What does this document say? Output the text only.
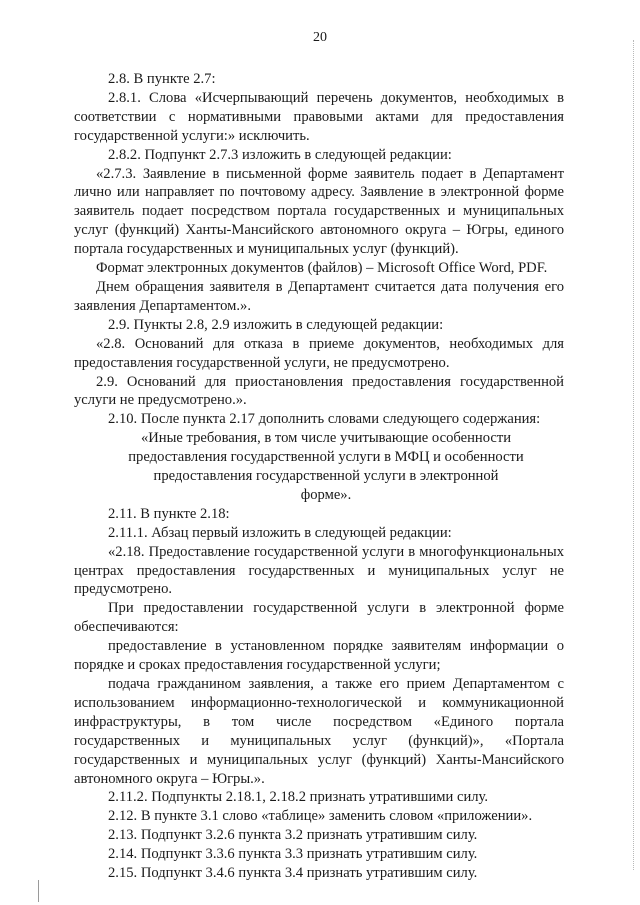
20

2.8. В пункте 2.7:

2.8.1. Слова «Исчерпывающий перечень документов, необходимых в соответствии с нормативными правовыми актами для предоставления государственной услуги:» исключить.

2.8.2. Подпункт 2.7.3 изложить в следующей редакции:

«2.7.3. Заявление в письменной форме заявитель подает в Департамент лично или направляет по почтовому адресу. Заявление в электронной форме заявитель подает посредством портала государственных и муниципальных услуг (функций) Ханты-Мансийского автономного округа – Югры, единого портала государственных и муниципальных услуг (функций).

Формат электронных документов (файлов) – Microsoft Office Word, PDF.

Днем обращения заявителя в Департамент считается дата получения его заявления Департаментом.».

2.9. Пункты 2.8, 2.9 изложить в следующей редакции:

«2.8. Оснований для отказа в приеме документов, необходимых для предоставления государственной услуги, не предусмотрено.

2.9. Оснований для приостановления предоставления государственной услуги не предусмотрено.».

2.10. После пункта 2.17 дополнить словами следующего содержания:

«Иные требования, в том числе учитывающие особенности предоставления государственной услуги в МФЦ и особенности предоставления государственной услуги в электронной форме».

2.11. В пункте 2.18:

2.11.1. Абзац первый изложить в следующей редакции:

«2.18. Предоставление государственной услуги в многофункциональных центрах предоставления государственных и муниципальных услуг не предусмотрено.

При предоставлении государственной услуги в электронной форме обеспечиваются:

предоставление в установленном порядке заявителям информации о порядке и сроках предоставления государственной услуги;

подача гражданином заявления, а также его прием Департаментом с использованием информационно-технологической и коммуникационной инфраструктуры, в том числе посредством «Единого портала государственных и муниципальных услуг (функций)», «Портала государственных и муниципальных услуг (функций) Ханты-Мансийского автономного округа – Югры.».

2.11.2. Подпункты 2.18.1, 2.18.2 признать утратившими силу.

2.12. В пункте 3.1 слово «таблице» заменить словом «приложении».

2.13. Подпункт 3.2.6 пункта 3.2 признать утратившим силу.

2.14. Подпункт 3.3.6 пункта 3.3 признать утратившим силу.

2.15. Подпункт 3.4.6 пункта 3.4 признать утратившим силу.
